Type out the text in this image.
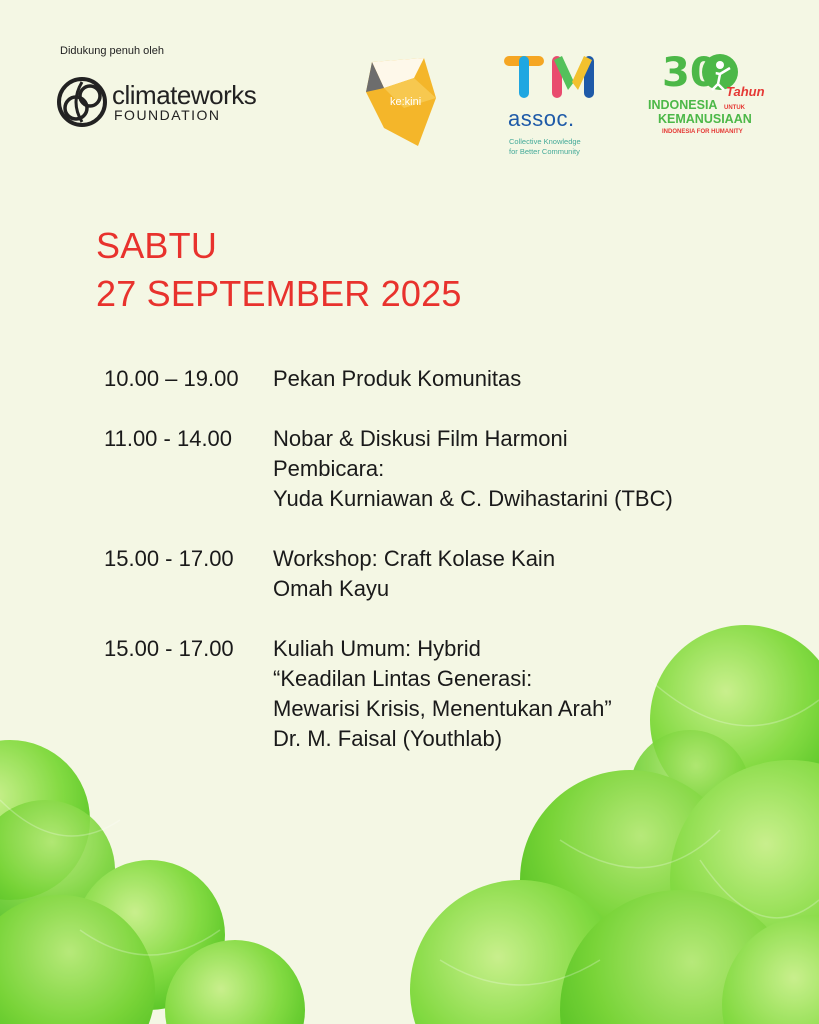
Didukung penuh oleh
climateworks
FOUNDATION
ke:kini
assoc.
Collective Knowledge
for Better Community
30 Tahun
INDONESIA UNTUK
KEMANUSIAAN
INDONESIA FOR HUMANITY
SABTU
27 SEPTEMBER 2025
10.00 – 19.00	Pekan Produk Komunitas
11.00 - 14.00	Nobar & Diskusi Film Harmoni
Pembicara:
Yuda Kurniawan & C. Dwihastarini (TBC)
15.00 - 17.00	Workshop: Craft Kolase Kain
Omah Kayu
15.00 - 17.00	Kuliah Umum: Hybrid
“Keadilan Lintas Generasi:
Mewarisi Krisis, Menentukan Arah”
Dr. M. Faisal (Youthlab)
